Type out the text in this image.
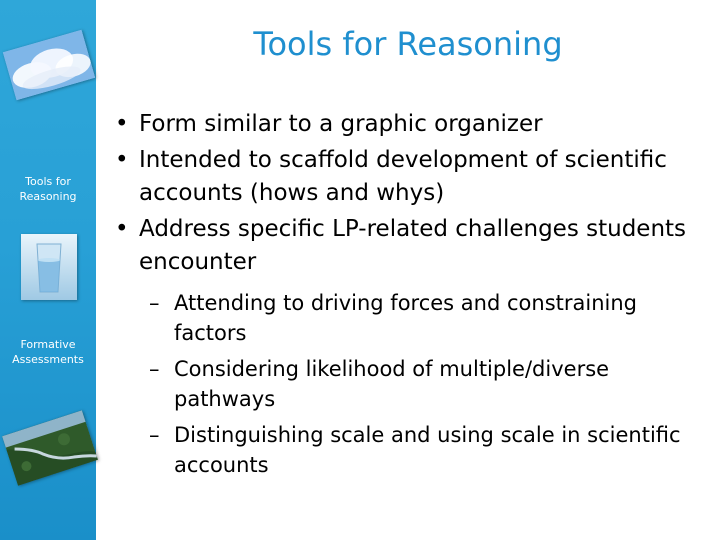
Tools for Reasoning
Formative Assessments
Tools for Reasoning
• Form similar to a graphic organizer
• Intended to scaffold development of scientific accounts (hows and whys)
• Address specific LP-related challenges students encounter
– Attending to driving forces and constraining factors
– Considering likelihood of multiple/diverse pathways
– Distinguishing scale and using scale in scientific accounts
